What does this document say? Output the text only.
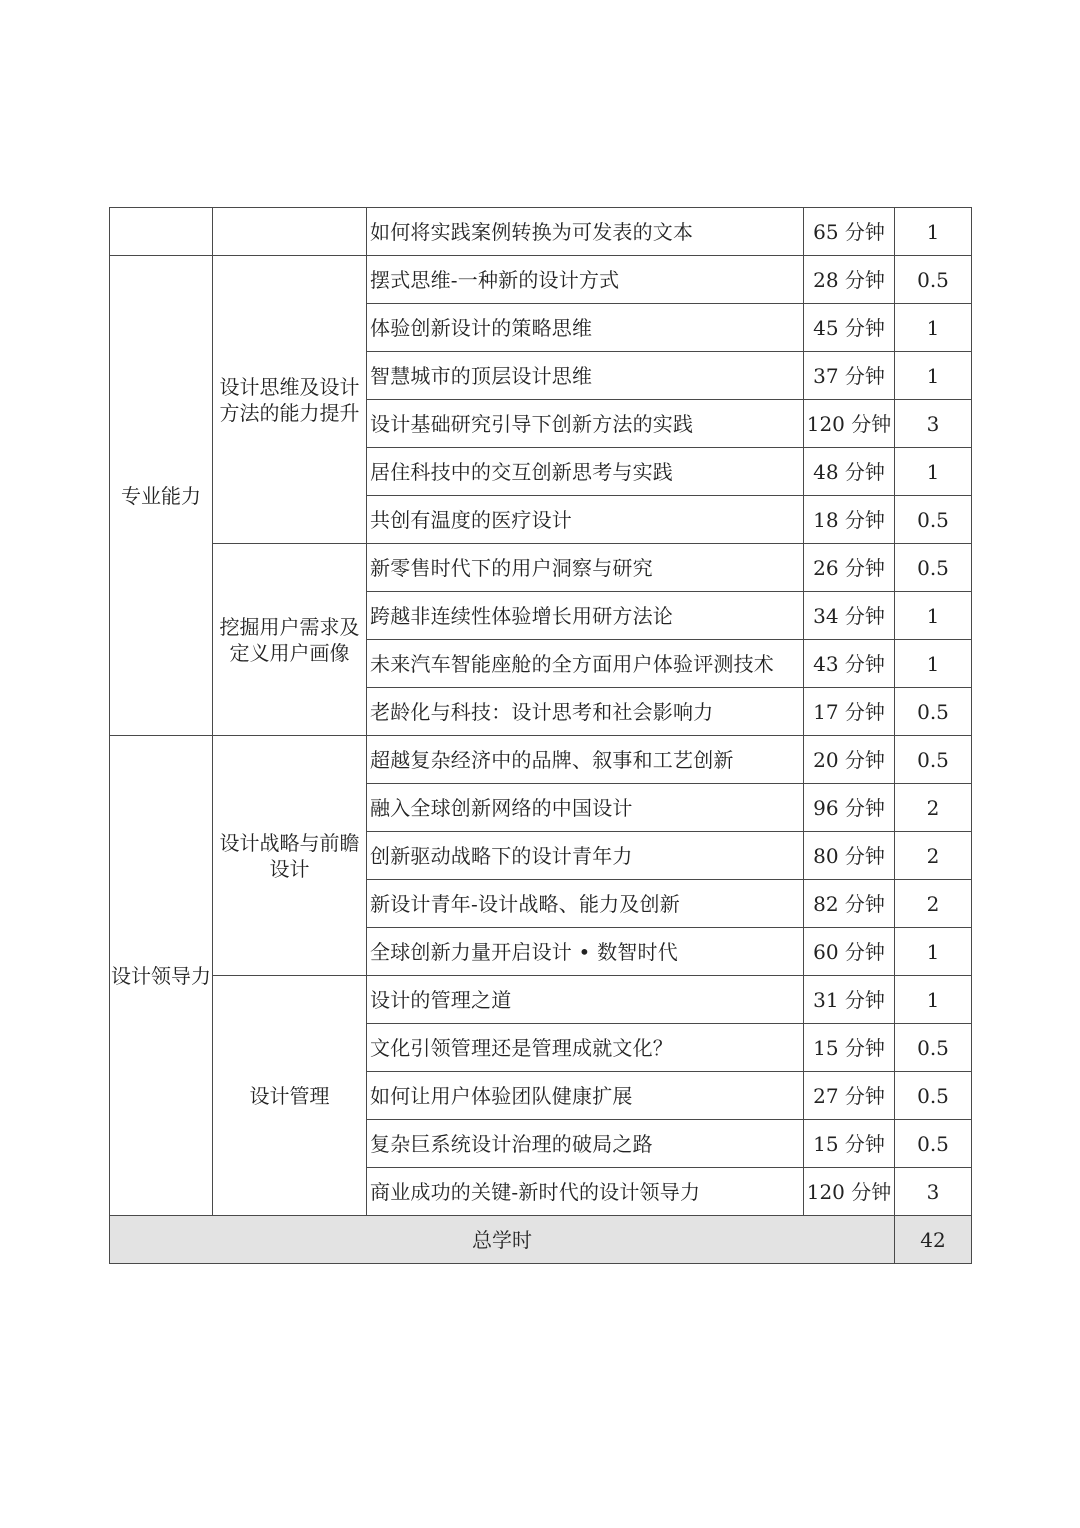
		如何将实践案例转换为可发表的文本	65 分钟	1
专业能力	设计思维及设计方法的能力提升	摆式思维-一种新的设计方式	28 分钟	0.5
		体验创新设计的策略思维	45 分钟	1
		智慧城市的顶层设计思维	37 分钟	1
		设计基础研究引导下创新方法的实践	120 分钟	3
		居住科技中的交互创新思考与实践	48 分钟	1
		共创有温度的医疗设计	18 分钟	0.5
	挖掘用户需求及定义用户画像	新零售时代下的用户洞察与研究	26 分钟	0.5
		跨越非连续性体验增长用研方法论	34 分钟	1
		未来汽车智能座舱的全方面用户体验评测技术	43 分钟	1
		老龄化与科技：设计思考和社会影响力	17 分钟	0.5
设计领导力	设计战略与前瞻设计	超越复杂经济中的品牌、叙事和工艺创新	20 分钟	0.5
		融入全球创新网络的中国设计	96 分钟	2
		创新驱动战略下的设计青年力	80 分钟	2
		新设计青年-设计战略、能力及创新	82 分钟	2
		全球创新力量开启设计 • 数智时代	60 分钟	1
	设计管理	设计的管理之道	31 分钟	1
		文化引领管理还是管理成就文化？	15 分钟	0.5
		如何让用户体验团队健康扩展	27 分钟	0.5
		复杂巨系统设计治理的破局之路	15 分钟	0.5
		商业成功的关键-新时代的设计领导力	120 分钟	3
总学时				42
